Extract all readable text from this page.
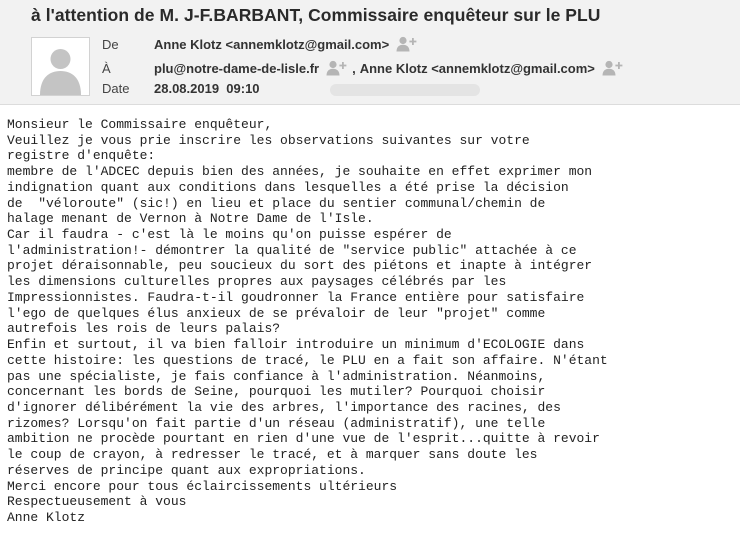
à l'attention de M. J-F.BARBANT, Commissaire enquêteur sur le PLU
De	Anne Klotz <annemklotz@gmail.com>
À	plu@notre-dame-de-lisle.fr	, Anne Klotz <annemklotz@gmail.com>
Date 28.08.2019  09:10
Monsieur le Commissaire enquêteur,
Veuillez je vous prie inscrire les observations suivantes sur votre
registre d'enquête:
membre de l'ADCEC depuis bien des années, je souhaite en effet exprimer mon
indignation quant aux conditions dans lesquelles a été prise la décision
de  "véloroute" (sic!) en lieu et place du sentier communal/chemin de
halage menant de Vernon à Notre Dame de l'Isle.
Car il faudra - c'est là le moins qu'on puisse espérer de
l'administration!- démontrer la qualité de "service public" attachée à ce
projet déraisonnable, peu soucieux du sort des piétons et inapte à intégrer
les dimensions culturelles propres aux paysages célébrés par les
Impressionnistes. Faudra-t-il goudronner la France entière pour satisfaire
l'ego de quelques élus anxieux de se prévaloir de leur "projet" comme
autrefois les rois de leurs palais?
Enfin et surtout, il va bien falloir introduire un minimum d'ECOLOGIE dans
cette histoire: les questions de tracé, le PLU en a fait son affaire. N'étant
pas une spécialiste, je fais confiance à l'administration. Néanmoins,
concernant les bords de Seine, pourquoi les mutiler? Pourquoi choisir
d'ignorer délibérément la vie des arbres, l'importance des racines, des
rizomes? Lorsqu'on fait partie d'un réseau (administratif), une telle
ambition ne procède pourtant en rien d'une vue de l'esprit...quitte à revoir
le coup de crayon, à redresser le tracé, et à marquer sans doute les
réserves de principe quant aux expropriations.
Merci encore pour tous éclaircissements ultérieurs
Respectueusement à vous
Anne Klotz
